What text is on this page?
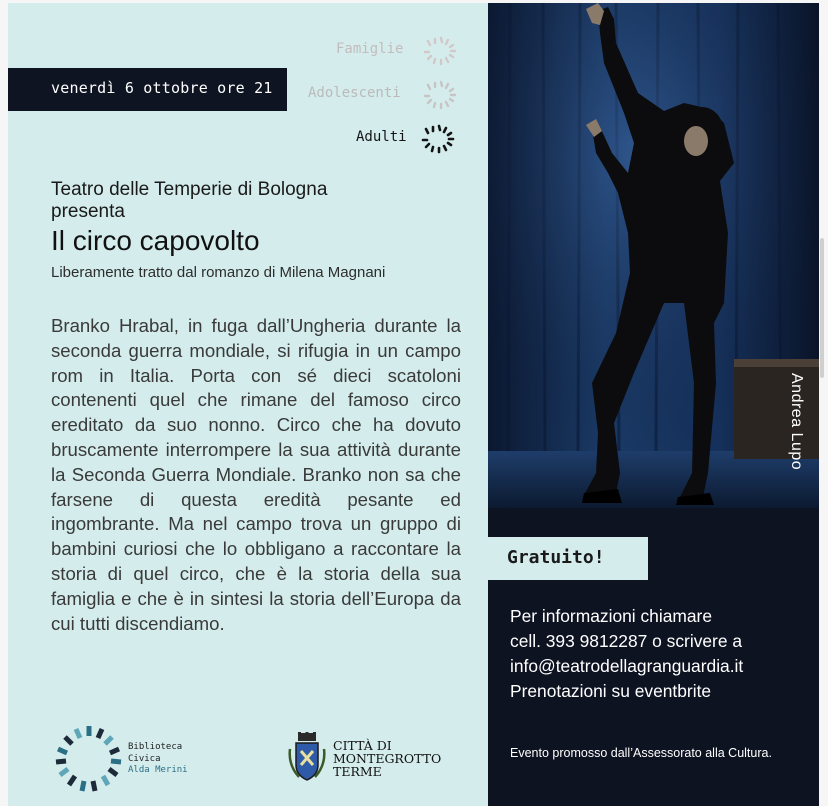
venerdì 6 ottobre ore 21
Famiglie
Adolescenti
Adulti
Teatro delle Temperie di Bologna
presenta
Il circo capovolto
Liberamente tratto dal romanzo di Milena Magnani
Branko Hrabal, in fuga dall’Ungheria durante la seconda guerra mondiale, si rifugia in un campo rom in Italia. Porta con sé dieci scatoloni contenenti quel che rimane del famoso circo ereditato da suo nonno. Circo che ha dovuto bruscamente interrompere la sua attività durante la Seconda Guerra Mondiale. Branko non sa che farsene di questa eredità pesante ed ingombrante. Ma nel campo trova un gruppo di bambini curiosi che lo obbligano a raccontare la storia di quel circo, che è la storia della sua famiglia e che è in sintesi la storia dell’Europa da cui tutti discendiamo.
Biblioteca
Civica
Alda Merini
CITTÀ DI
MONTEGROTTO
TERME
Andrea Lupo
Gratuito!
Per informazioni chiamare
cell. 393 9812287 o scrivere a
info@teatrodellagranguardia.it
Prenotazioni su eventbrite
Evento promosso dall’Assessorato alla Cultura.
